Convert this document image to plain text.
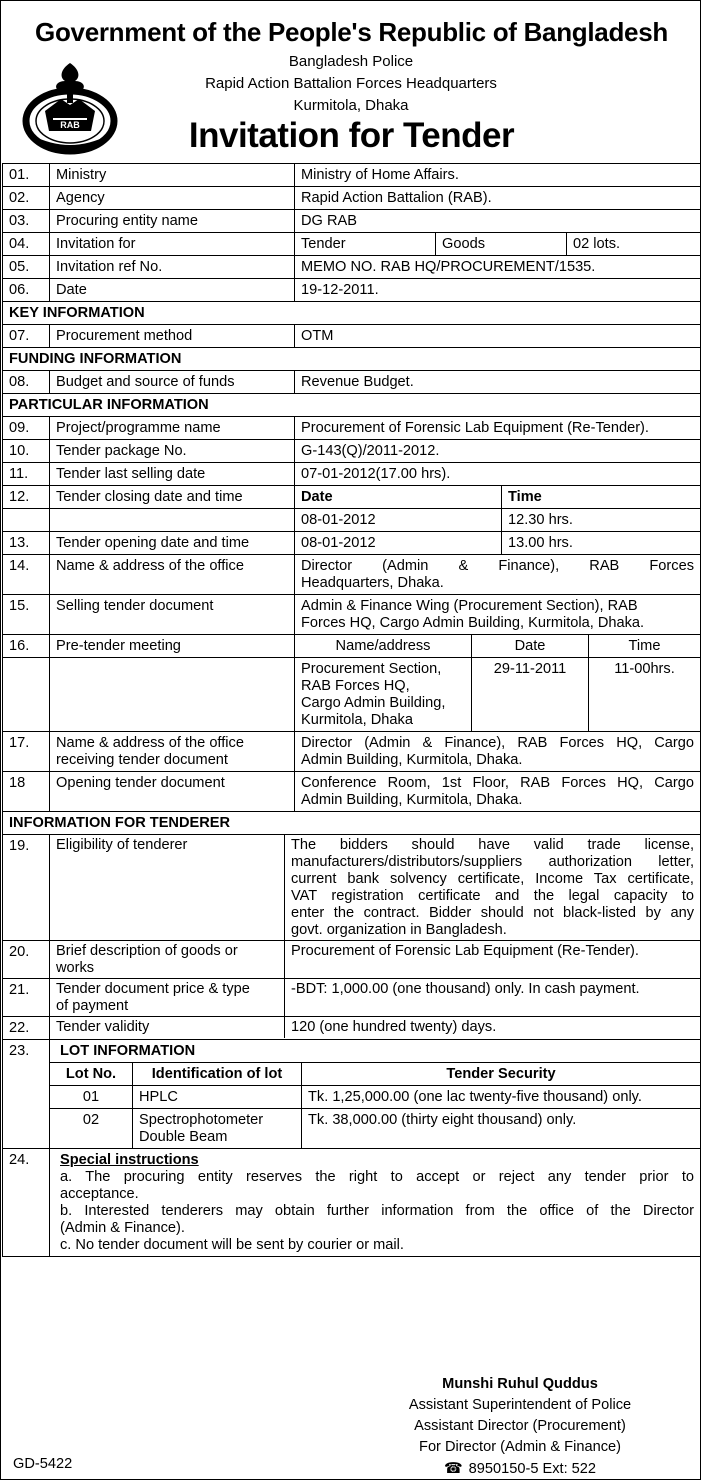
Government of the People's Republic of Bangladesh
Bangladesh Police
Rapid Action Battalion Forces Headquarters
Kurmitola, Dhaka
RAB	Invitation for Tender
01.	Ministry	Ministry of Home Affairs.
02.	Agency	Rapid Action Battalion (RAB).
03.	Procuring entity name	DG RAB
04.	Invitation for		Tender	Goods	02 lots.

05.	Invitation ref No.	MEMO NO. RAB HQ/PROCUREMENT/1535.
06.	Date	19-12-2011.
KEY INFORMATION
07.	Procurement method	OTM
FUNDING INFORMATION
08.	Budget and source of funds	Revenue Budget.
PARTICULAR INFORMATION
09.	Project/programme name	Procurement of Forensic Lab Equipment (Re-Tender).
10.	Tender package No.	G-143(Q)/2011-2012.
11.	Tender last selling date	07-01-2012(17.00 hrs).
12.	Tender closing date and time		Date	Time

08-01-2012	12.30 hrs.

13.	Tender opening date and time		08-01-2012	13.00 hrs.

14.	Name & address of the office	Director (Admin & Finance), RAB Forces
Headquarters, Dhaka.

15.	Selling tender document	Admin & Finance Wing (Procurement Section), RAB
Forces HQ, Cargo Admin Building, Kurmitola, Dhaka.

16.	Pre-tender meeting		Name/address	Date	Time

Procurement Section,
RAB Forces HQ,
Cargo Admin Building,
Kurmitola, Dhaka
	29-11-2011	11-00hrs.

17.	Name & address of the office
receiving tender document

Director (Admin & Finance), RAB Forces HQ, Cargo
Admin Building, Kurmitola, Dhaka.

18	Opening tender document	Conference Room, 1st Floor, RAB Forces HQ, Cargo
Admin Building, Kurmitola, Dhaka.

INFORMATION FOR TENDERER
19.	Eligibility of tenderer	The bidders should have valid trade license,
manufacturers/distributors/suppliers authorization letter,
current bank solvency certificate, Income Tax certificate,
VAT registration certificate and the legal capacity to
enter the contract. Bidder should not black-listed by any
govt. organization in Bangladesh.

20.	Brief description of goods or
works
	Procurement of Forensic Lab Equipment (Re-Tender).

21.	Tender document price & type
of payment
	-BDT: 1,000.00 (one thousand) only. In cash payment.

22.	Tender validity	120 (one hundred twenty) days.

23.	LOT INFORMATION
Lot No.	Identification of lot	Tender Security
01	HPLC	Tk. 1,25,000.00 (one lac twenty-five thousand) only.
02	Spectrophotometer
Double Beam
	Tk. 38,000.00 (thirty eight thousand) only.

24.	Special instructions
a. The procuring entity reserves the right to accept or reject any tender prior to
acceptance.
b. Interested tenderers may obtain further information from the office of the Director
(Admin & Finance).
c. No tender document will be sent by courier or mail.
Munshi Ruhul Quddus
Assistant Superintendent of Police
Assistant Director (Procurement)
For Director (Admin & Finance)
☎ 8950150-5 Ext: 522
GD-5422
